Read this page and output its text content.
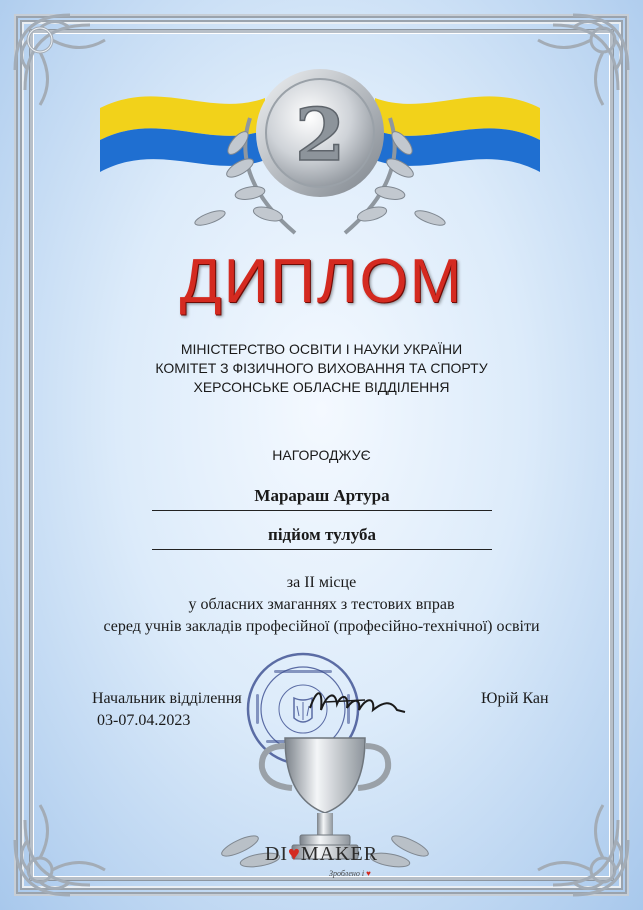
2
ДИПЛОМ
МІНІСТЕРСТВО ОСВІТИ І НАУКИ УКРАЇНИ
КОМІТЕТ З ФІЗИЧНОГО ВИХОВАННЯ ТА СПОРТУ
ХЕРСОНСЬКЕ ОБЛАСНЕ ВІДДІЛЕННЯ
НАГОРОДЖУЄ
Марараш Артура
підйом тулуба
за ІІ місце
у обласних змаганнях з тестових вправ
серед учнів закладів професійної (професійно-технічної) освіти
Начальник відділення	Юрій Кан
03-07.04.2023
DI♥MAKER
Зроблено і ♥
